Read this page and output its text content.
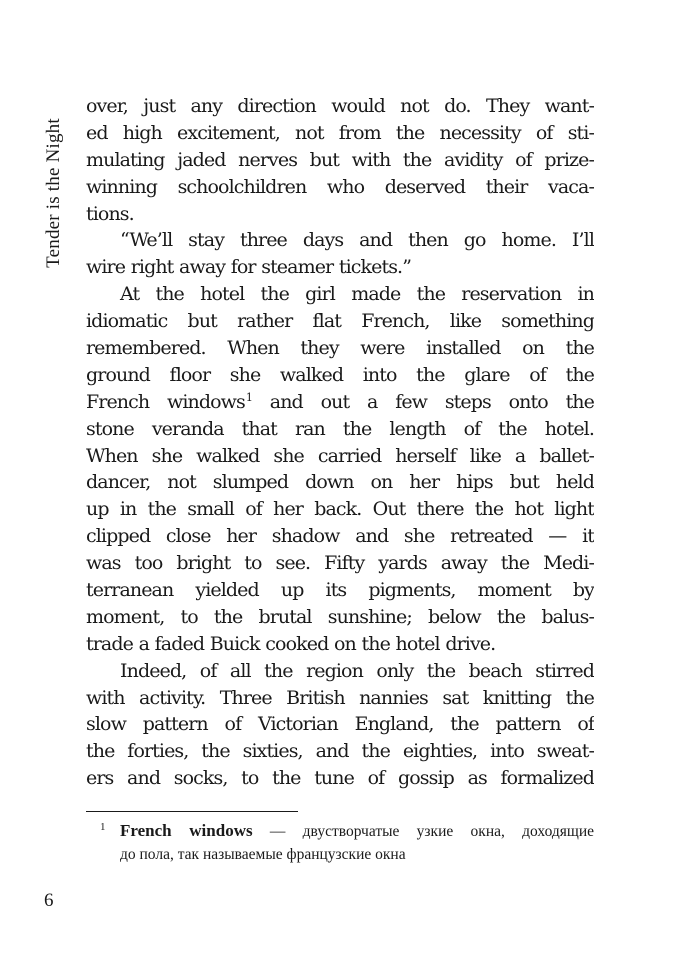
Tender is the Night
over, just any direction would not do. They want-
ed high excitement, not from the necessity of sti-
mulating jaded nerves but with the avidity of prize-
winning schoolchildren who deserved their vaca-
tions.
“We’ll stay three days and then go home. I’ll
wire right away for steamer tickets.”
At the hotel the girl made the reservation in
idiomatic but rather flat French, like something
remembered. When they were installed on the
ground floor she walked into the glare of the
French windows$^1$ and out a few steps onto the
stone veranda that ran the length of the hotel.
When she walked she carried herself like a ballet-
dancer, not slumped down on her hips but held
up in the small of her back. Out there the hot light
clipped close her shadow and she retreated — it
was too bright to see. Fifty yards away the Medi-
terranean yielded up its pigments, moment by
moment, to the brutal sunshine; below the balus-
trade a faded Buick cooked on the hotel drive.
Indeed, of all the region only the beach stirred
with activity. Three British nannies sat knitting the
slow pattern of Victorian England, the pattern of
the forties, the sixties, and the eighties, into sweat-
ers and socks, to the tune of gossip as formalized
1 French windows — двустворчатые узкие окна, доходящие
до пола, так называемые французские окна
6
